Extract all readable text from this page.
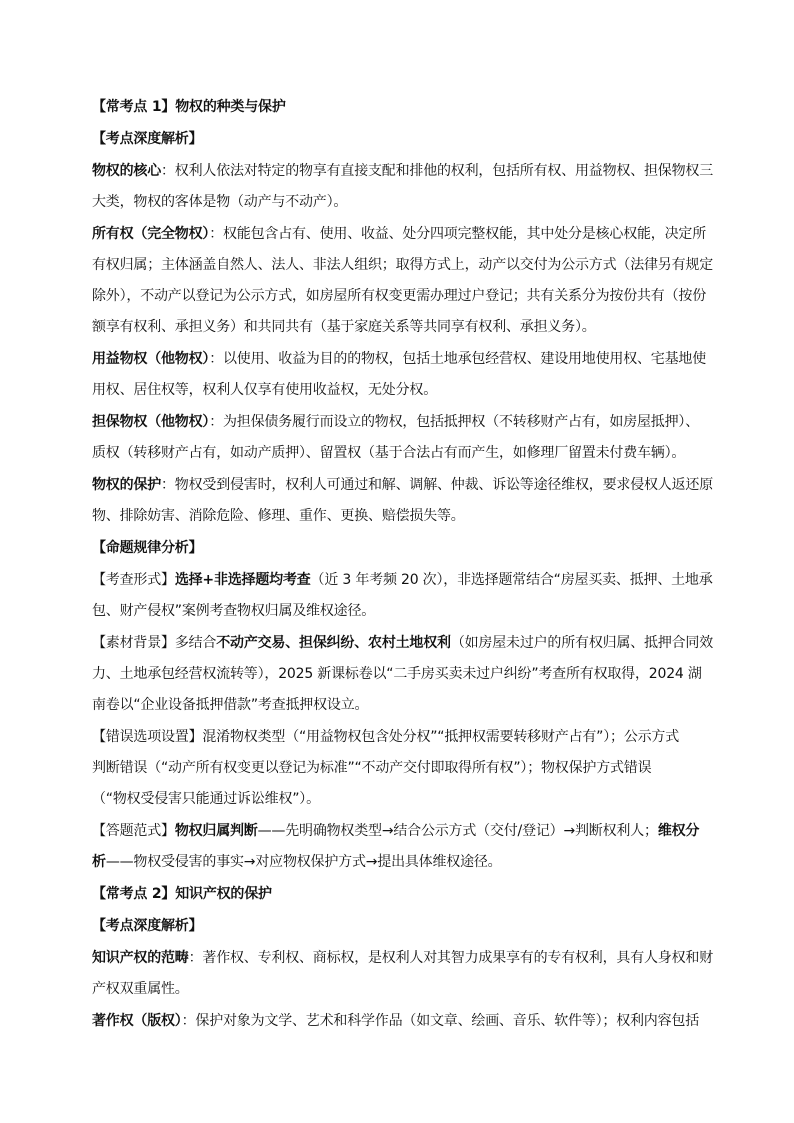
【常考点 1】物权的种类与保护
【考点深度解析】
物权的核心：权利人依法对特定的物享有直接支配和排他的权利，包括所有权、用益物权、担保物权三
大类，物权的客体是物（动产与不动产）。
所有权（完全物权）：权能包含占有、使用、收益、处分四项完整权能，其中处分是核心权能，决定所
有权归属；主体涵盖自然人、法人、非法人组织；取得方式上，动产以交付为公示方式（法律另有规定
除外），不动产以登记为公示方式，如房屋所有权变更需办理过户登记；共有关系分为按份共有（按份
额享有权利、承担义务）和共同共有（基于家庭关系等共同享有权利、承担义务）。
用益物权（他物权）：以使用、收益为目的的物权，包括土地承包经营权、建设用地使用权、宅基地使
用权、居住权等，权利人仅享有使用收益权，无处分权。
担保物权（他物权）：为担保债务履行而设立的物权，包括抵押权（不转移财产占有，如房屋抵押）、
质权（转移财产占有，如动产质押）、留置权（基于合法占有而产生，如修理厂留置未付费车辆）。
物权的保护：物权受到侵害时，权利人可通过和解、调解、仲裁、诉讼等途径维权，要求侵权人返还原
物、排除妨害、消除危险、修理、重作、更换、赔偿损失等。
【命题规律分析】
【考查形式】选择+非选择题均考查（近 3 年考频 20 次），非选择题常结合“房屋买卖、抵押、土地承
包、财产侵权”案例考查物权归属及维权途径。
【素材背景】多结合不动产交易、担保纠纷、农村土地权利（如房屋未过户的所有权归属、抵押合同效
力、土地承包经营权流转等），2025 新课标卷以“二手房买卖未过户纠纷”考查所有权取得，2024 湖
南卷以“企业设备抵押借款”考查抵押权设立。
【错误选项设置】混淆物权类型（“用益物权包含处分权”“抵押权需要转移财产占有”）；公示方式
判断错误（“动产所有权变更以登记为标准”“不动产交付即取得所有权”）；物权保护方式错误
（“物权受侵害只能通过诉讼维权”）。
【答题范式】物权归属判断——先明确物权类型→结合公示方式（交付/登记）→判断权利人；维权分
析——物权受侵害的事实→对应物权保护方式→提出具体维权途径。
【常考点 2】知识产权的保护
【考点深度解析】
知识产权的范畴：著作权、专利权、商标权，是权利人对其智力成果享有的专有权利，具有人身权和财
产权双重属性。
著作权（版权）：保护对象为文学、艺术和科学作品（如文章、绘画、音乐、软件等）；权利内容包括
